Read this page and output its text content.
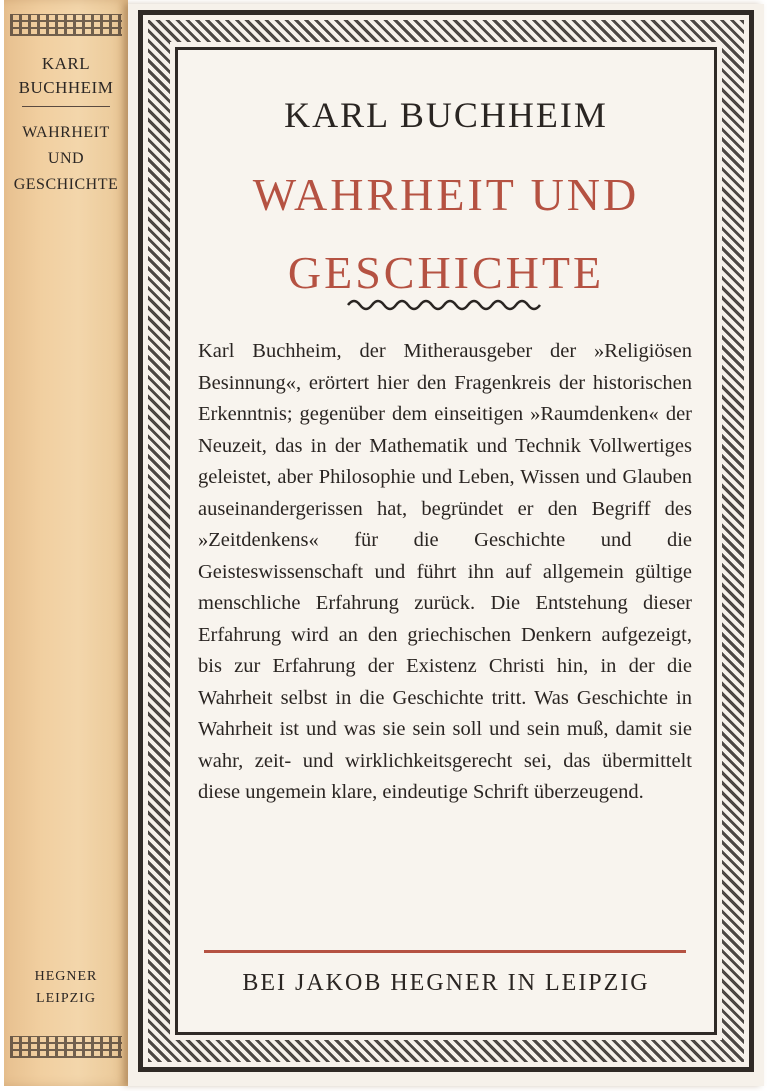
KARL
BUCHHEIM
WAHRHEIT
UND
GESCHICHTE
HEGNER
LEIPZIG
KARL BUCHHEIM
WAHRHEIT UND
GESCHICHTE
Karl Buchheim, der Mitherausgeber der »Religiösen Besinnung«, erörtert hier den Fragenkreis der historischen Erkenntnis; gegenüber dem einseitigen »Raumdenken« der Neuzeit, das in der Mathematik und Technik Vollwertiges geleistet, aber Philosophie und Leben, Wissen und Glauben auseinandergerissen hat, begründet er den Begriff des »Zeitdenkens« für die Geschichte und die Geisteswissenschaft und führt ihn auf allgemein gültige menschliche Erfahrung zurück. Die Entstehung dieser Erfahrung wird an den griechischen Denkern aufgezeigt, bis zur Erfahrung der Existenz Christi hin, in der die Wahrheit selbst in die Geschichte tritt. Was Geschichte in Wahrheit ist und was sie sein soll und sein muß, damit sie wahr, zeit- und wirklichkeitsgerecht sei, das übermittelt diese ungemein klare, eindeutige Schrift überzeugend.
BEI JAKOB HEGNER IN LEIPZIG
